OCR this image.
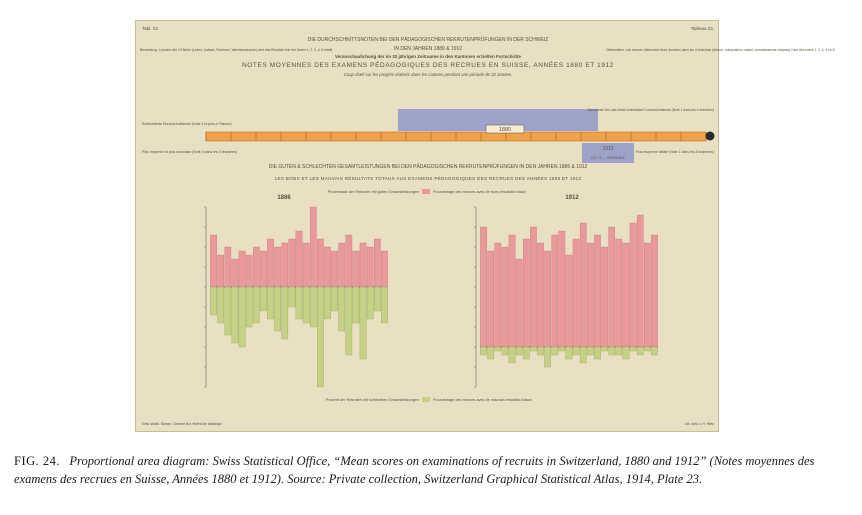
Tabl. 23.	Tableau 23.
DIE DURCHSCHNITTSNOTEN BEI DEN PÄDAGOGISCHEN REKRUTENPRÜFUNGEN IN DER SCHWEIZ
IN DEN JAHREN 1880 & 1912
Veranschaulichung der im 32 jährigen Zeitraume in den Kantonen erzielten Fortschritte
NOTES MOYENNES DES EXAMENS PÉDAGOGIQUES DES RECRUES EN SUISSE, ANNÉES 1880 ET 1912
Coup d'œil sur les progrès réalisés dans les cantons pendant une période de 32 années.
Bemerkung. In jedem der 4 Fächer (Lesen, Aufsatz, Rechnen, Vaterlandskunde) wird das Resultat eine der Noten 1, 2, 3, 4, 5 erteilt.	Observation. Les recrues obtiennent leurs données dans les 4 branches (lecture, composition, calcul, connaissances civiques) l'une des notes 1, 2, 3, 4 ou 5.
1880
1912
CH. Y. ... SCHWEIZ
Schlechteste Durchschnittsnote (Note 4 la plus à Plafond)
Plus moyenne la plus mauvaise (Note 4 dans les 4 branches)
Das ideale Ziel, das beste erreichbare Durchschnittsnote (Note 1 dans les 4 branches)
Plus moyenne idéale (Note 1 dans les 4 branches)
DIE GUTEN & SCHLECHTEN GESAMTLEISTUNGEN BEI DEN PÄDAGOGISCHEN REKRUTENPRÜFUNGEN IN DEN JAHREN 1886 & 1912
LES BONS ET LES MAUVAIS RÉSULTATS TOTAUX AUX EXAMENS PÉDAGOGIQUES DES RECRUES DES ANNÉES 1886 ET 1912
Prozentsatz der Rekruten mit guten Gesamtleistungen	Pourcentage des recrues avec de bons résultats totaux
1886	1912
Prozent der Rekruten mit schlechten Gesamtleistungen	Pourcentage des recrues avec de mauvais résultats totaux
Entw. statist. Bureau / Dessiné Bur. fédéral de statistique	Lith. Anst. v. H. Rietz
FIG. 24. Proportional area diagram: Swiss Statistical Office, “Mean scores on examinations of recruits in Switzerland, 1880 and 1912” (Notes moyennes des examens des recrues en Suisse, Années 1880 et 1912). Source: Private collection, Switzerland Graphical Statistical Atlas, 1914, Plate 23.
